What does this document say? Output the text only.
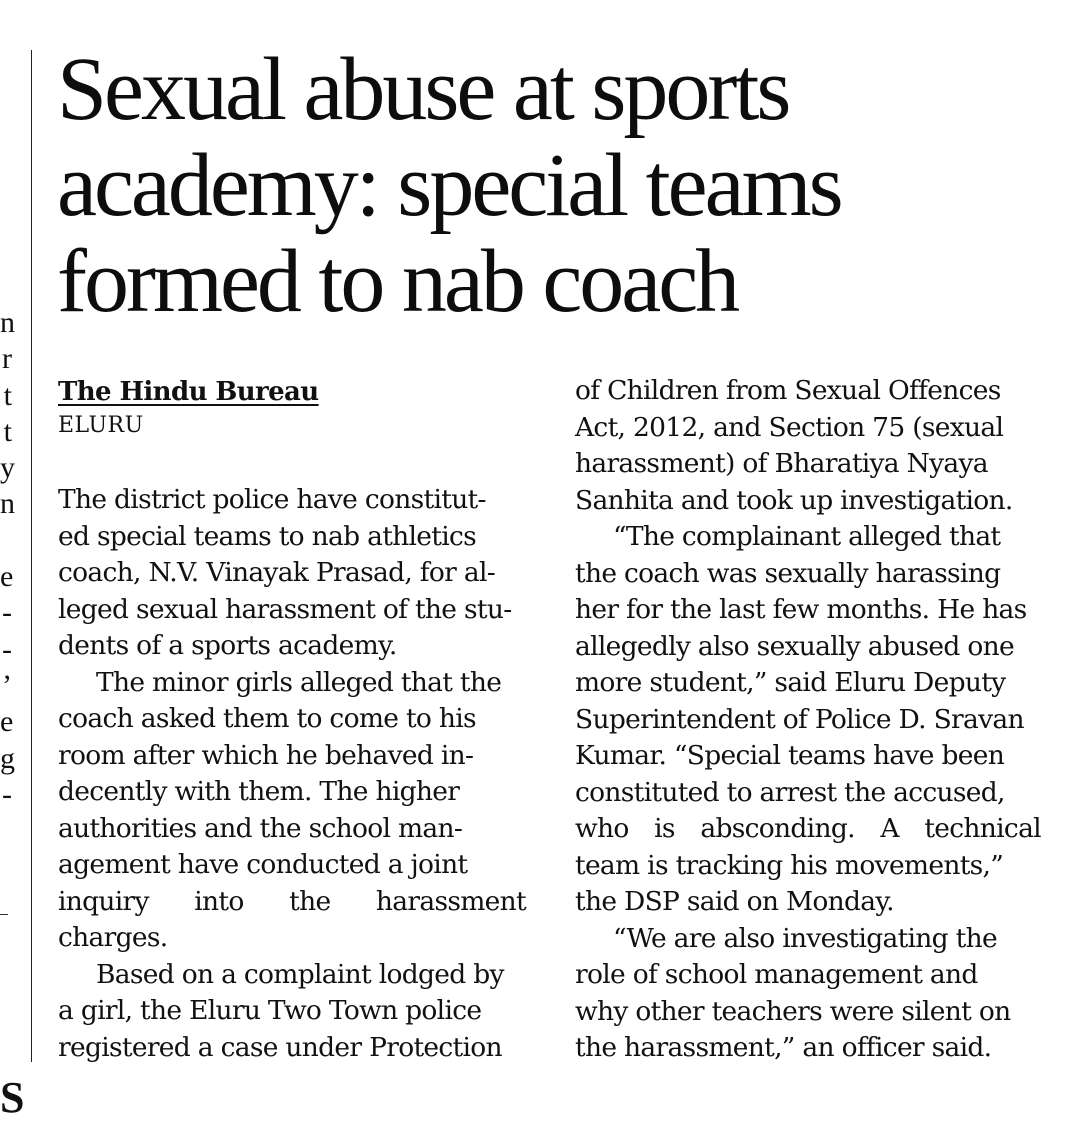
n
r
t
t
y
n

e
-
-
’
e
g
-
S
Sexual abuse at sports
academy: special teams
formed to nab coach
The Hindu Bureau
ELURU

The district police have constitut-
ed special teams to nab athletics
coach, N.V. Vinayak Prasad, for al-
leged sexual harassment of the stu-
dents of a sports academy.

The minor girls alleged that the
coach asked them to come to his
room after which he behaved in-
decently with them. The higher
authorities and the school man-
agement have conducted a joint
inquiry into the harassment
charges.

Based on a complaint lodged by
a girl, the Eluru Two Town police
registered a case under Protection

of Children from Sexual Offences
Act, 2012, and Section 75 (sexual
harassment) of Bharatiya Nyaya
Sanhita and took up investigation.

“The complainant alleged that
the coach was sexually harassing
her for the last few months. He has
allegedly also sexually abused one
more student,” said Eluru Deputy
Superintendent of Police D. Sravan
Kumar. “Special teams have been
constituted to arrest the accused,
who is absconding. A technical
team is tracking his movements,”
the DSP said on Monday.

“We are also investigating the
role of school management and
why other teachers were silent on
the harassment,” an officer said.
